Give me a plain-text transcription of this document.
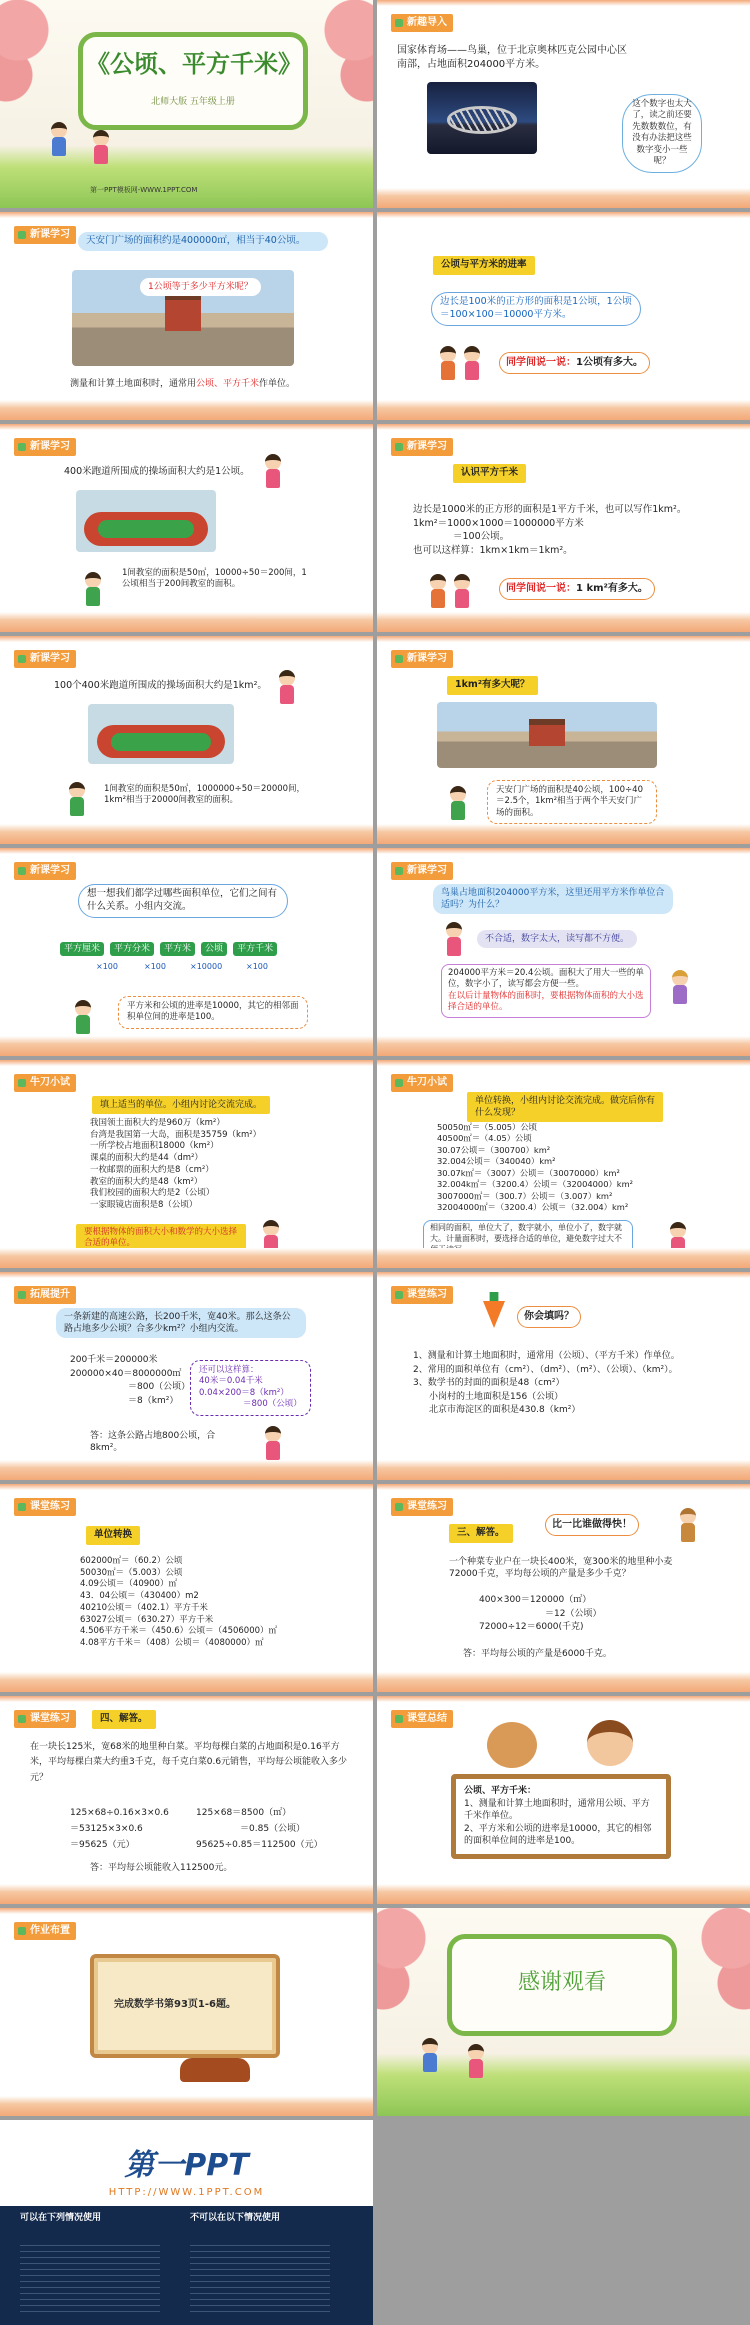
《公顷、平方千米》
北师大版 五年级上册
第一PPT模板网-WWW.1PPT.COM
新趣导入
国家体育场——鸟巢，位于北京奥林匹克公园中心区南部，占地面积204000平方米。
这个数字也太大了，读之前还要先数数数位，有没有办法把这些数字变小一些呢？
新课学习
天安门广场的面积约是400000㎡，相当于40公顷。
1公顷等于多少平方米呢？
测量和计算土地面积时，通常用公顷、平方千米作单位。
公顷与平方米的进率
边长是100米的正方形的面积是1公顷，1公顷＝100×100＝10000平方米。
同学间说一说：1公顷有多大。
新课学习
400米跑道所围成的操场面积大约是1公顷。
1间教室的面积是50㎡，10000÷50＝200间，1公顷相当于200间教室的面积。
新课学习
认识平方千米
边长是1000米的正方形的面积是1平方千米，也可以写作1km²。
1km²＝1000×1000＝1000000平方米
＝100公顷。
也可以这样算：1km×1km＝1km²。
同学间说一说：1 km²有多大。
新课学习
100个400米跑道所围成的操场面积大约是1km²。
1间教室的面积是50㎡，1000000÷50＝20000间，1km²相当于20000间教室的面积。
新课学习
1km²有多大呢？
天安门广场的面积是40公顷，100÷40＝2.5个，1km²相当于两个半天安门广场的面积。
新课学习
想一想我们都学过哪些面积单位，它们之间有什么关系。小组内交流。
平方厘米 平方分米 平方米 公顷 平方千米
×100	×100	×10000	×100
平方米和公顷的进率是10000，其它的相邻面积单位间的进率是100。
新课学习
鸟巢占地面积204000平方米，这里还用平方米作单位合适吗？为什么？
不合适，数字太大，读写都不方便。
204000平方米＝20.4公顷。面积大了用大一些的单位，数字小了，读写都会方便一些。
在以后计量物体的面积时，要根据物体面积的大小选择合适的单位。
牛刀小试
填上适当的单位。小组内讨论交流完成。
我国领土面积大约是960万（km²）
台湾是我国第一大岛，面积是35759（km²）
一所学校占地面积18000（km²）
课桌的面积大约是44（dm²）
一枚邮票的面积大约是8（cm²）
教室的面积大约是48（km²）
我们校园的面积大约是2（公顷）
一家眼镜店面积是8（公顷）
要根据物体的面积大小和数学的大小选择合适的单位。
牛刀小试
单位转换，小组内讨论交流完成。做完后你有什么发现？
50050㎡＝（5.005）公顷
40500㎡＝（4.05）公顷
30.07公顷＝（300700）km²
32.004公顷＝（340040）km²
30.07k㎡＝（3007）公顷＝（30070000）km²
32.004k㎡＝（3200.4）公顷＝（32004000）km²
3007000㎡＝（300.7）公顷＝（3.007）km²
32004000㎡＝（3200.4）公顷＝（32.004）km²
相同的面积，单位大了，数字就小，单位小了，数字就大。计量面积时，要选择合适的单位，避免数字过大不
拓展提升
一条新建的高速公路，长200千米，宽40米。那么这条公路占地多少公顷？合多少km²？小组内交流。
200千米＝200000米
200000×40＝8000000㎡
＝800（公顷）
＝8（km²）
还可以这样算：
40米＝0.04千米
0.04×200＝8（km²）
＝800（公顷）
答：这条公路占地800公顷，合8km²。
课堂练习
你会填吗？
1、测量和计算土地面积时，通常用（公顷）、（平方千米）作单位。
2、常用的面积单位有（cm²）、（dm²）、（m²）、（公顷）、（km²）。
3、数学书的封面的面积是48（cm²）
小岗村的土地面积是156（公顷）
北京市海淀区的面积是430.8（km²）
课堂练习
单位转换
602000㎡＝（60.2）公顷
50030㎡＝（5.003）公顷
4.09公顷＝（40900）㎡
43．04公顷＝（430400）m2
40210公顷＝（402.1）平方千米
63027公顷＝（630.27）平方千米
4.506平方千米＝（450.6）公顷＝（4506000）㎡
4.08平方千米＝（408）公顷＝（4080000）㎡
课堂练习
三、解答。
比一比谁做得快！
一个种菜专业户在一块长400米，宽300米的地里种小麦72000千克，平均每公顷的产量是多少千克？
400×300＝120000（㎡）
＝12（公顷）
72000÷12＝6000(千克)
答：平均每公顷的产量是6000千克。
课堂练习	四、解答。
在一块长125米，宽68米的地里种白菜。平均每棵白菜的占地面积是0.16平方米，平均每棵白菜大约重3千克，每千克白菜0.6元销售，平均每公顷能收入多少元？
125×68÷0.16×3×0.6
＝53125×3×0.6
＝95625（元）
125×68＝8500（㎡）
＝0.85（公顷）
95625÷0.85＝112500（元）
答：平均每公顷能收入112500元。
课堂总结
公顷、平方千米：
1、测量和计算土地面积时，通常用公顷、平方千米作单位。
2、平方米和公顷的进率是10000，其它的相邻的面积单位间的进率是100。
作业布置
完成数学书第93页1-6题。
感谢观看
第一PPT
HTTP://WWW.1PPT.COM
可以在下列情况使用	不可以在以下情况使用
